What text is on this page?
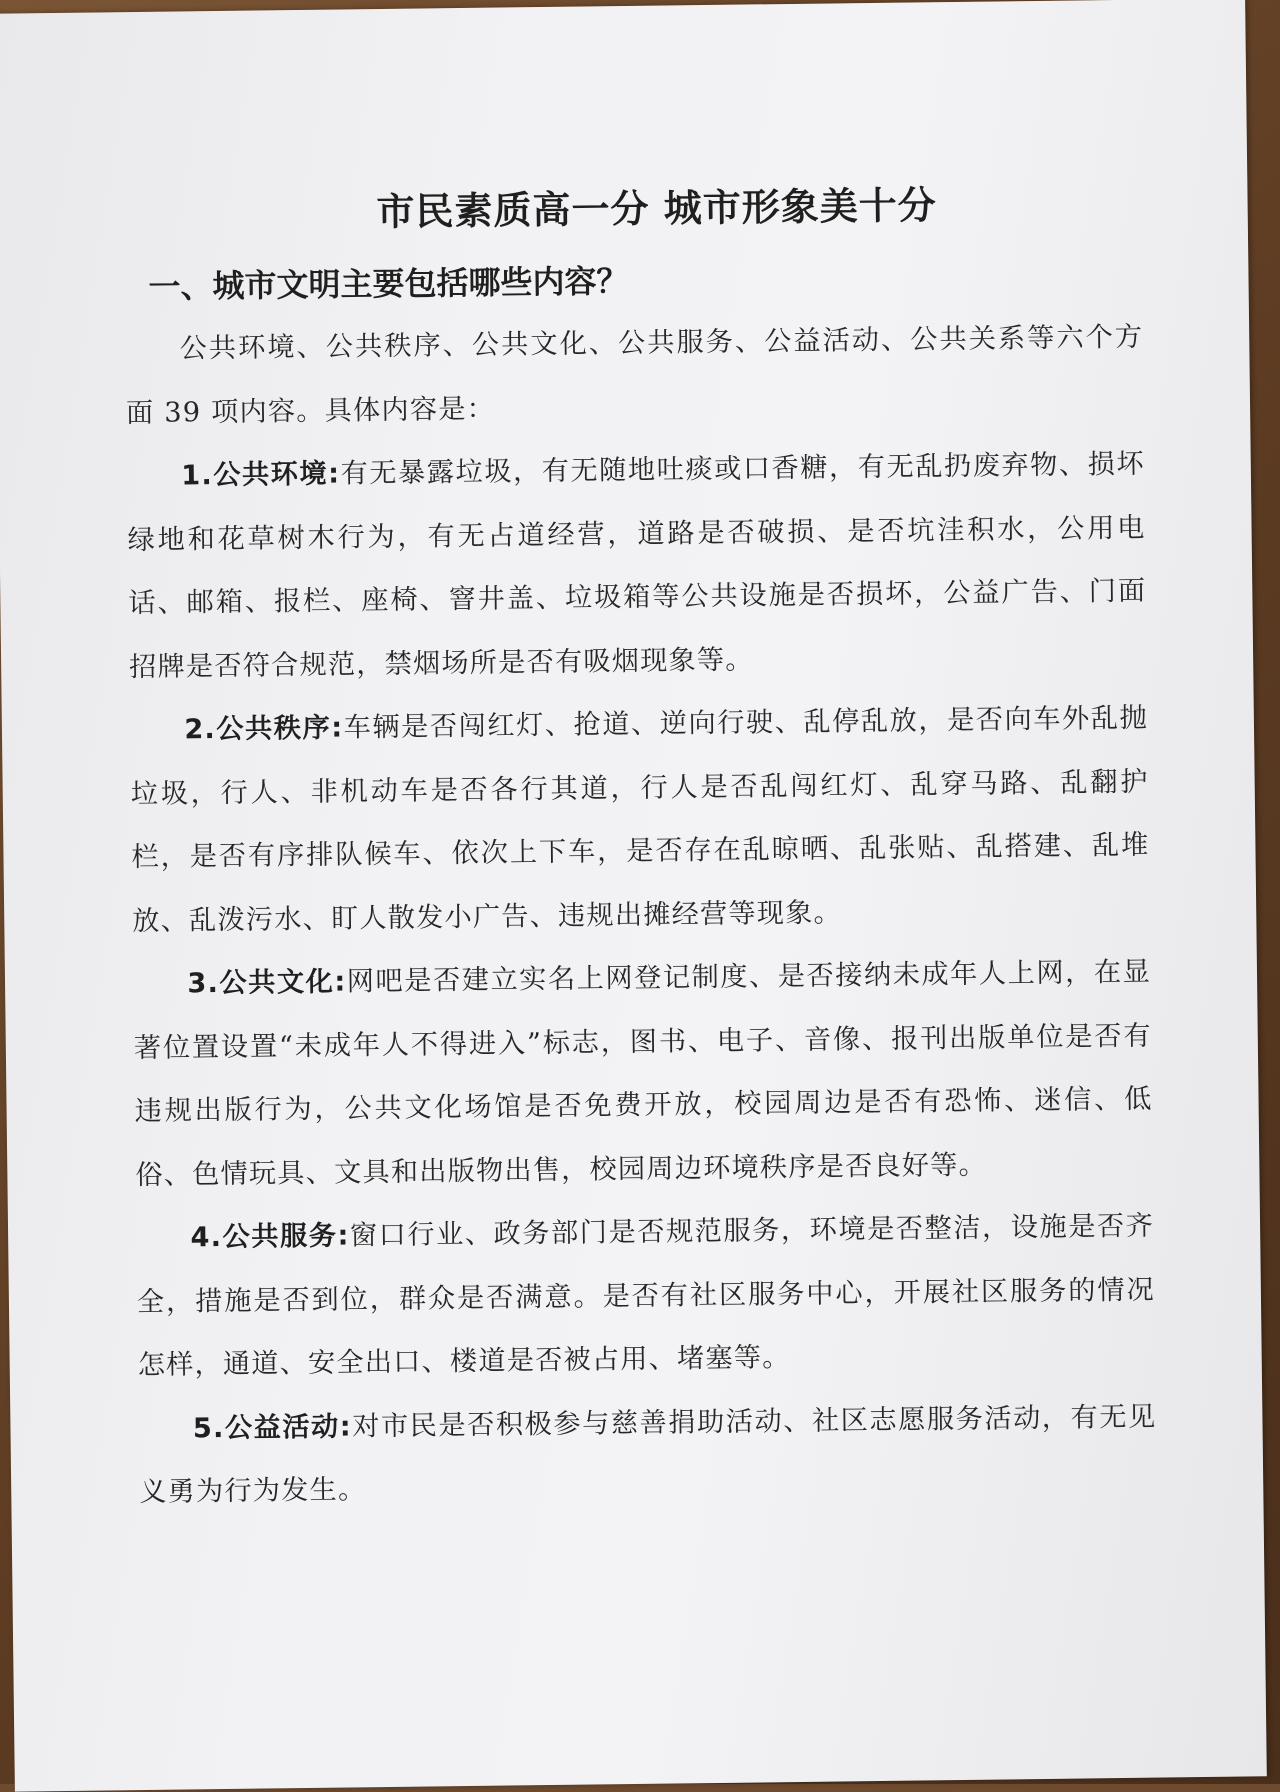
市民素质高一分 城市形象美十分
一、城市文明主要包括哪些内容？

公共环境、公共秩序、公共文化、公共服务、公益活动、公共关系等六个方面 39 项内容。具体内容是：

1.公共环境:有无暴露垃圾，有无随地吐痰或口香糖，有无乱扔废弃物、损坏绿地和花草树木行为，有无占道经营，道路是否破损、是否坑洼积水，公用电话、邮箱、报栏、座椅、窨井盖、垃圾箱等公共设施是否损坏，公益广告、门面招牌是否符合规范，禁烟场所是否有吸烟现象等。

2.公共秩序:车辆是否闯红灯、抢道、逆向行驶、乱停乱放，是否向车外乱抛垃圾，行人、非机动车是否各行其道，行人是否乱闯红灯、乱穿马路、乱翻护栏，是否有序排队候车、依次上下车，是否存在乱晾晒、乱张贴、乱搭建、乱堆放、乱泼污水、盯人散发小广告、违规出摊经营等现象。

3.公共文化:网吧是否建立实名上网登记制度、是否接纳未成年人上网，在显著位置设置“未成年人不得进入”标志，图书、电子、音像、报刊出版单位是否有违规出版行为，公共文化场馆是否免费开放，校园周边是否有恐怖、迷信、低俗、色情玩具、文具和出版物出售，校园周边环境秩序是否良好等。

4.公共服务:窗口行业、政务部门是否规范服务，环境是否整洁，设施是否齐全，措施是否到位，群众是否满意。是否有社区服务中心，开展社区服务的情况怎样，通道、安全出口、楼道是否被占用、堵塞等。

5.公益活动:对市民是否积极参与慈善捐助活动、社区志愿服务活动，有无见义勇为行为发生。
